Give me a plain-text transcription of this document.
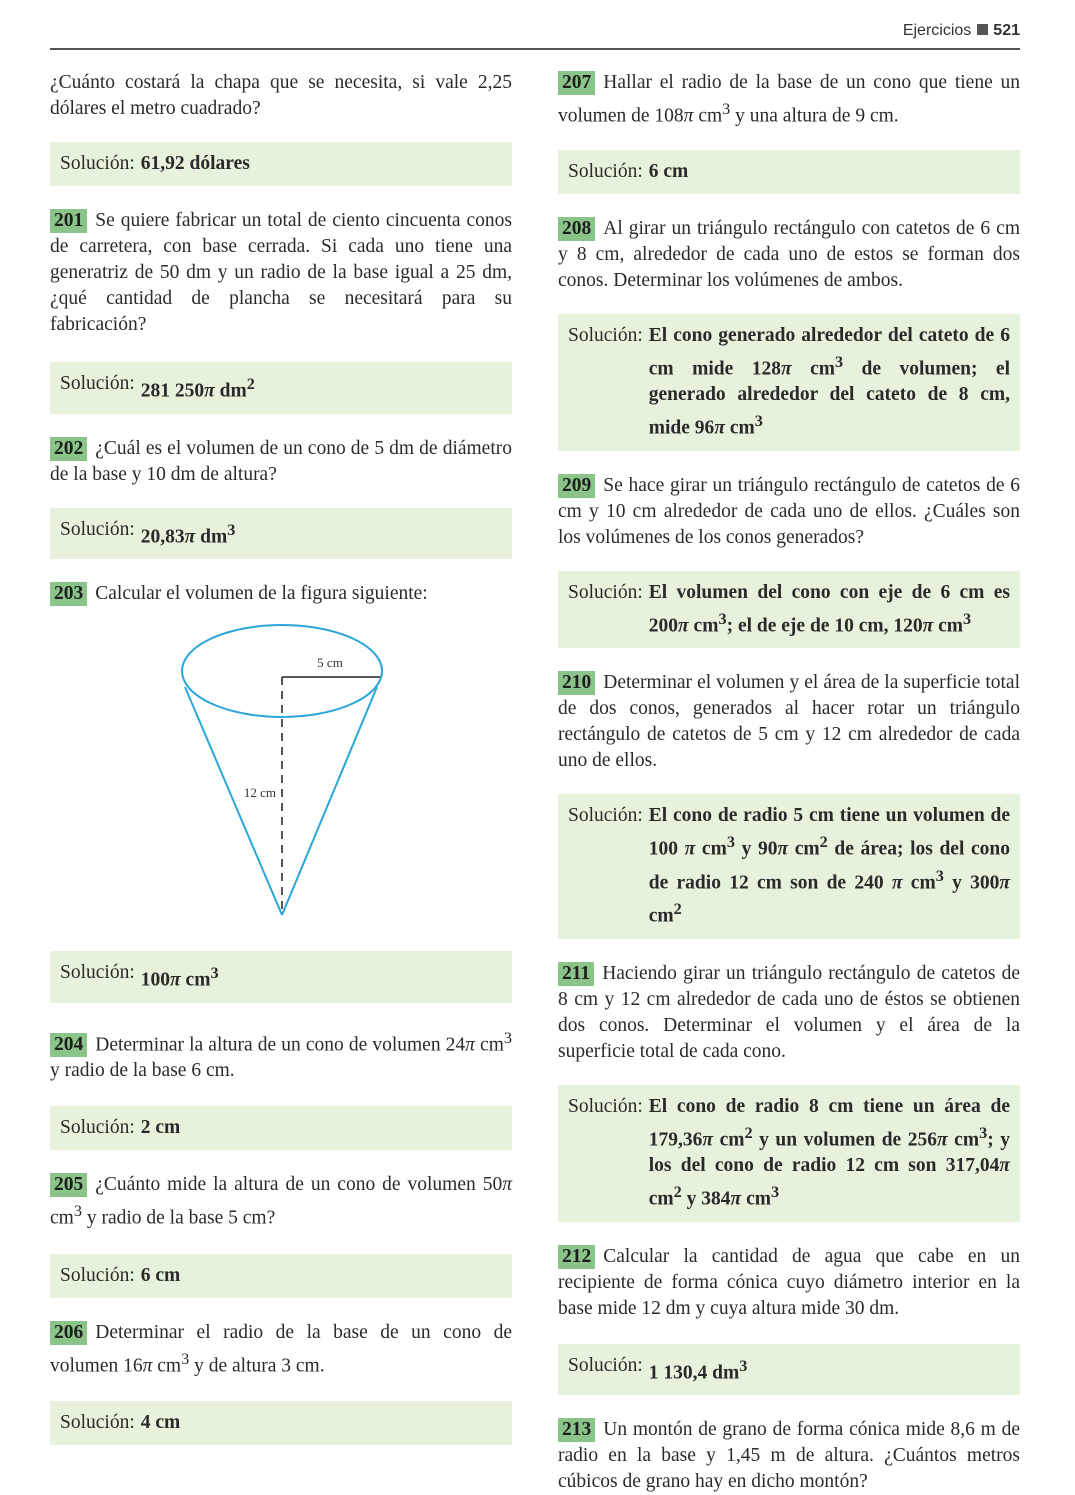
Ejercicios 521

¿Cuánto costará la chapa que se necesita, si vale 2,25 dólares el metro cuadrado?

Solución: 61,92 dólares

201 Se quiere fabricar un total de ciento cincuenta conos de carretera, con base cerrada. Si cada uno tiene una generatriz de 50 dm y un radio de la base igual a 25 dm, ¿qué cantidad de plancha se necesitará para su fabricación?

Solución: 281 250π $dm^2$

202 ¿Cuál es el volumen de un cono de 5 dm de diámetro de la base y 10 dm de altura?

Solución: 20,83π $dm^3$

203 Calcular el volumen de la figura siguiente:

5 cm
12 cm
Solución: 100π $cm^3$

204 Determinar la altura de un cono de volumen 24π $cm^3$ y radio de la base 6 cm.

Solución: 2 cm

205 ¿Cuánto mide la altura de un cono de volumen 50π $cm^3$ y radio de la base 5 cm?

Solución: 6 cm

206 Determinar el radio de la base de un cono de volumen 16π $cm^3$ y de altura 3 cm.

Solución: 4 cm

207 Hallar el radio de la base de un cono que tiene un volumen de 108π $cm^3$ y una altura de 9 cm.

Solución: 6 cm

208 Al girar un triángulo rectángulo con catetos de 6 cm y 8 cm, alrededor de cada uno de estos se forman dos conos. Determinar los volúmenes de ambos.

Solución: El cono generado alrededor del cateto de 6 cm mide 128π $cm^3$ de volumen; el generado alrededor del cateto de 8 cm, mide 96π $cm^3$

209 Se hace girar un triángulo rectángulo de catetos de 6 cm y 10 cm alrededor de cada uno de ellos. ¿Cuáles son los volúmenes de los conos generados?

Solución: El volumen del cono con eje de 6 cm es 200π $cm^3$; el de eje de 10 cm, 120π $cm^3$

210 Determinar el volumen y el área de la superficie total de dos conos, generados al hacer rotar un triángulo rectángulo de catetos de 5 cm y 12 cm alrededor de cada uno de ellos.

Solución: El cono de radio 5 cm tiene un volumen de 100 π $cm^3$ y 90π $cm^2$ de área; los del cono de radio 12 cm son de 240 π $cm^3$ y 300π $cm^2$

211 Haciendo girar un triángulo rectángulo de catetos de 8 cm y 12 cm alrededor de cada uno de éstos se obtienen dos conos. Determinar el volumen y el área de la superficie total de cada cono.

Solución: El cono de radio 8 cm tiene un área de 179,36π $cm^2$ y un volumen de 256π $cm^3$; y los del cono de radio 12 cm son 317,04π $cm^2$ y 384π $cm^3$

212 Calcular la cantidad de agua que cabe en un recipiente de forma cónica cuyo diámetro interior en la base mide 12 dm y cuya altura mide 30 dm.

Solución: 1 130,4 $dm^3$

213 Un montón de grano de forma cónica mide 8,6 m de radio en la base y 1,45 m de altura. ¿Cuántos metros cúbicos de grano hay en dicho montón?
